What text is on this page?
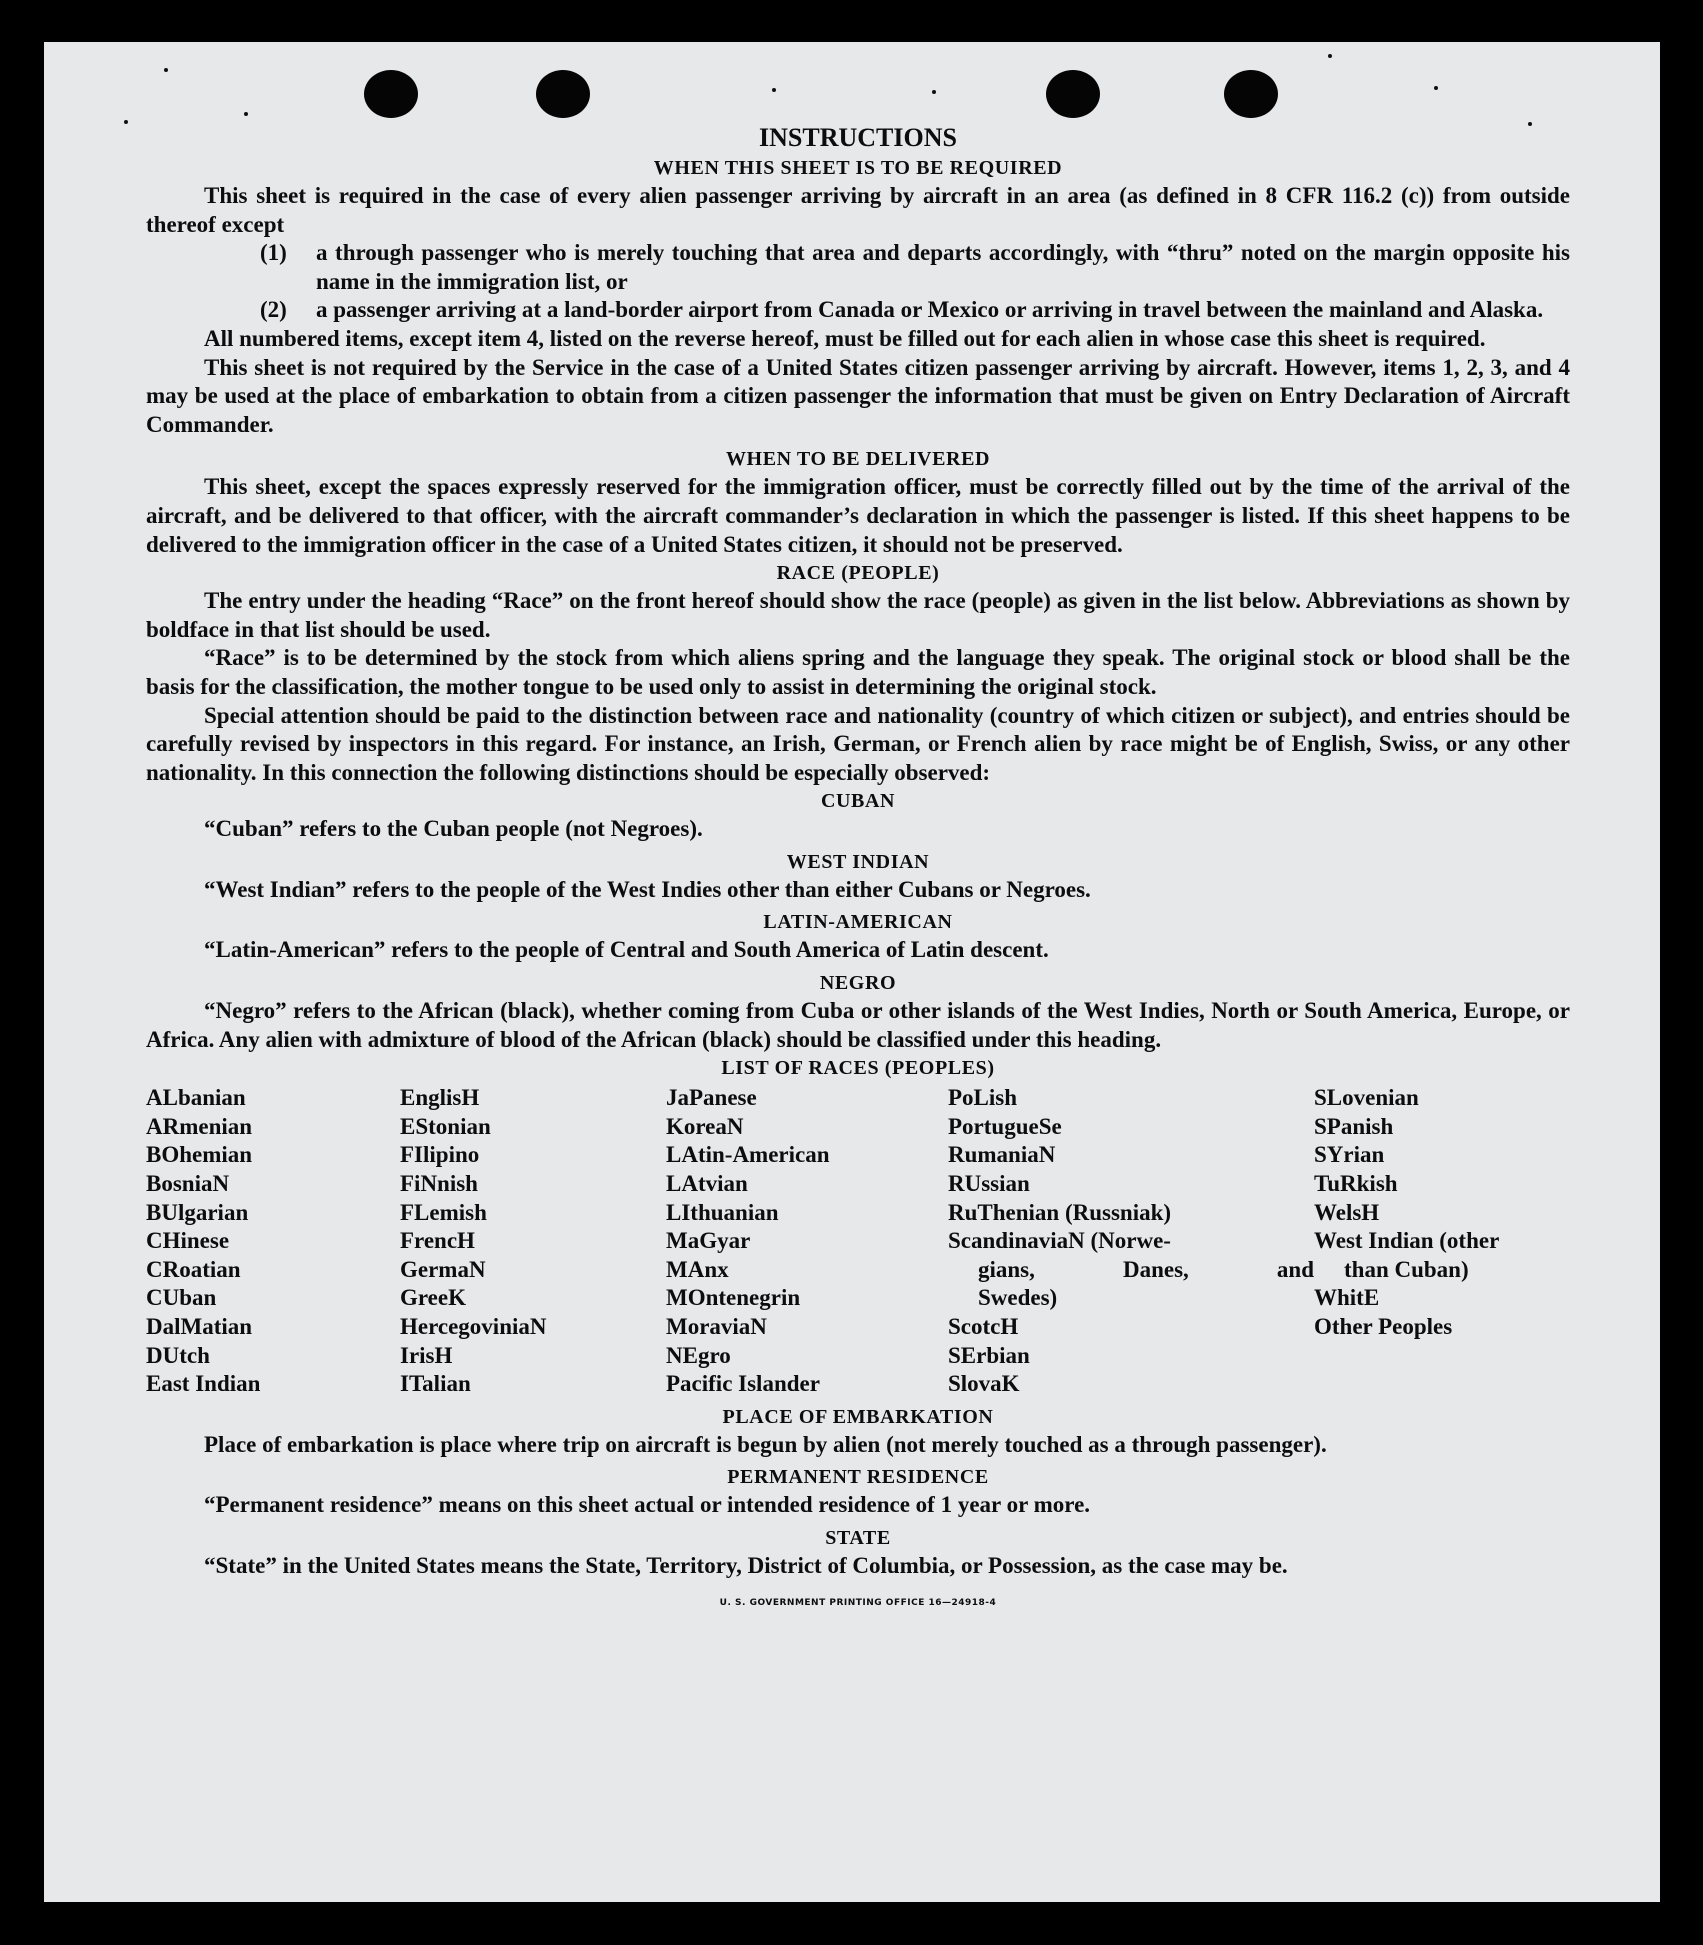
INSTRUCTIONS
WHEN THIS SHEET IS TO BE REQUIRED

This sheet is required in the case of every alien passenger arriving by aircraft in an area (as defined in 8 CFR 116.2 (c)) from outside thereof except

(1)	a through passenger who is merely touching that area and departs accordingly, with “thru” noted on the margin opposite his name in the immigration list, or
(2)	a passenger arriving at a land-border airport from Canada or Mexico or arriving in travel between the mainland and Alaska.

All numbered items, except item 4, listed on the reverse hereof, must be filled out for each alien in whose case this sheet is required.

This sheet is not required by the Service in the case of a United States citizen passenger arriving by aircraft. However, items 1, 2, 3, and 4 may be used at the place of embarkation to obtain from a citizen passenger the information that must be given on Entry Declaration of Aircraft Commander.

WHEN TO BE DELIVERED

This sheet, except the spaces expressly reserved for the immigration officer, must be correctly filled out by the time of the arrival of the aircraft, and be delivered to that officer, with the aircraft commander’s declaration in which the passenger is listed. If this sheet happens to be delivered to the immigration officer in the case of a United States citizen, it should not be preserved.

RACE (PEOPLE)

The entry under the heading “Race” on the front hereof should show the race (people) as given in the list below. Abbreviations as shown by boldface in that list should be used.

“Race” is to be determined by the stock from which aliens spring and the language they speak. The original stock or blood shall be the basis for the classification, the mother tongue to be used only to assist in determining the original stock.

Special attention should be paid to the distinction between race and nationality (country of which citizen or subject), and entries should be carefully revised by inspectors in this regard. For instance, an Irish, German, or French alien by race might be of English, Swiss, or any other nationality. In this connection the following distinctions should be especially observed:

CUBAN

“Cuban” refers to the Cuban people (not Negroes).

WEST INDIAN

“West Indian” refers to the people of the West Indies other than either Cubans or Negroes.

LATIN-AMERICAN

“Latin-American” refers to the people of Central and South America of Latin descent.

NEGRO

“Negro” refers to the African (black), whether coming from Cuba or other islands of the West Indies, North or South America, Europe, or Africa. Any alien with admixture of blood of the African (black) should be classified under this heading.

LIST OF RACES (PEOPLES)
ALbanian
ARmenian
BOhemian
BosniaN
BUlgarian
CHinese
CRoatian
CUban
DalMatian
DUtch
East Indian
EnglisH
EStonian
FIlipino
FiNnish
FLemish
FrencH
GermaN
GreeK
HercegoviniaN
IrisH
ITalian
JaPanese
KoreaN
LAtin-American
LAtvian
LIthuanian
MaGyar
MAnx
MOntenegrin
MoraviaN
NEgro
Pacific Islander
PoLish
PortugueSe
RumaniaN
RUssian
RuThenian (Russniak)
ScandinaviaN (Norwe-
gians, Danes, and
Swedes)
ScotcH
SErbian
SlovaK
SLovenian
SPanish
SYrian
TuRkish
WelsH
West Indian (other
than Cuban)
WhitE
Other Peoples
PLACE OF EMBARKATION

Place of embarkation is place where trip on aircraft is begun by alien (not merely touched as a through passenger).

PERMANENT RESIDENCE

“Permanent residence” means on this sheet actual or intended residence of 1 year or more.

STATE

“State” in the United States means the State, Territory, District of Columbia, or Possession, as the case may be.

U. S. GOVERNMENT PRINTING OFFICE 16—24918-4
